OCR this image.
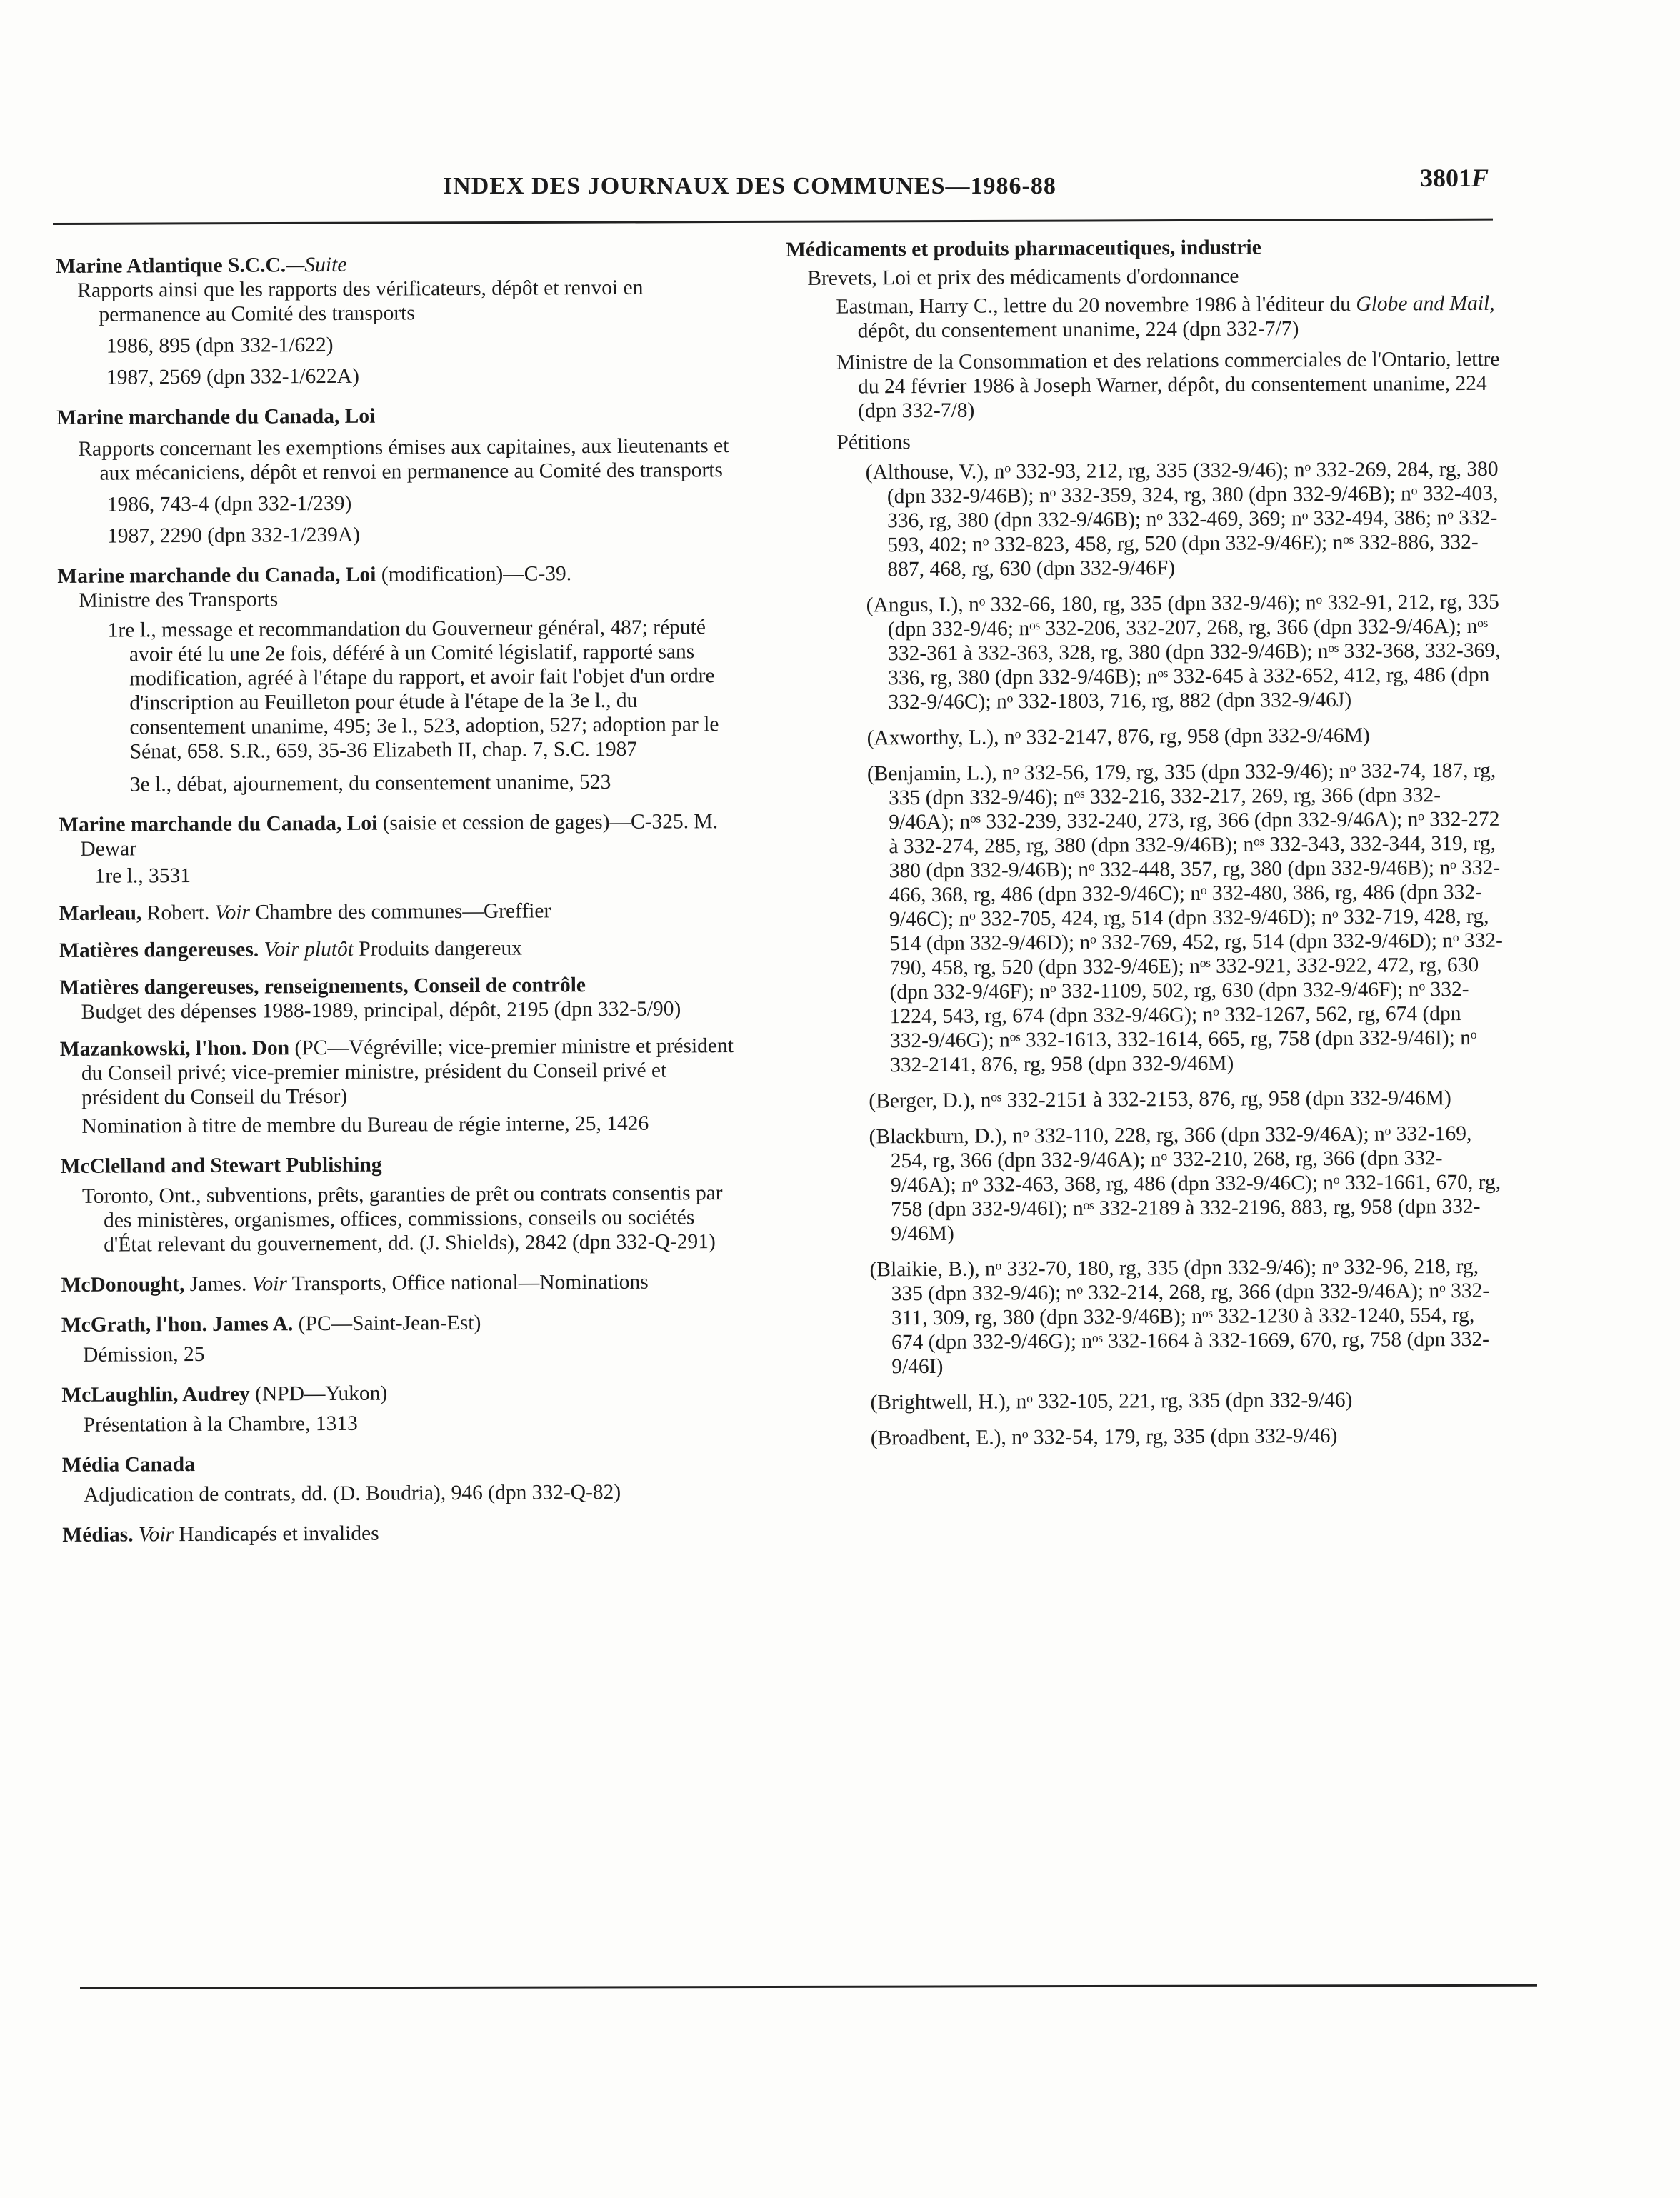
INDEX DES JOURNAUX DES COMMUNES—1986-88	3801F
Marine Atlantique S.C.C.—Suite
Rapports ainsi que les rapports des vérificateurs, dépôt et renvoi en permanence au Comité des transports
1986, 895 (dpn 332-1/622)
1987, 2569 (dpn 332-1/622A)
Marine marchande du Canada, Loi
Rapports concernant les exemptions émises aux capitaines, aux lieutenants et aux mécaniciens, dépôt et renvoi en permanence au Comité des transports
1986, 743-4 (dpn 332-1/239)
1987, 2290 (dpn 332-1/239A)
Marine marchande du Canada, Loi (modification)—C-39.
Ministre des Transports
1re l., message et recommandation du Gouverneur général, 487; réputé avoir été lu une 2e fois, déféré à un Comité législatif, rapporté sans modification, agréé à l'étape du rapport, et avoir fait l'objet d'un ordre d'inscription au Feuilleton pour étude à l'étape de la 3e l., du consentement unanime, 495; 3e l., 523, adoption, 527; adoption par le Sénat, 658. S.R., 659, 35-36 Elizabeth II, chap. 7, S.C. 1987
3e l., débat, ajournement, du consentement unanime, 523
Marine marchande du Canada, Loi (saisie et cession de gages)—C-325. M. Dewar
1re l., 3531
Marleau, Robert. Voir Chambre des communes—Greffier
Matières dangereuses. Voir plutôt Produits dangereux
Matières dangereuses, renseignements, Conseil de contrôle
Budget des dépenses 1988-1989, principal, dépôt, 2195 (dpn 332-5/90)
Mazankowski, l'hon. Don (PC—Végréville; vice-premier ministre et président du Conseil privé; vice-premier ministre, président du Conseil privé et président du Conseil du Trésor)
Nomination à titre de membre du Bureau de régie interne, 25, 1426
McClelland and Stewart Publishing
Toronto, Ont., subventions, prêts, garanties de prêt ou contrats consentis par des ministères, organismes, offices, commissions, conseils ou sociétés d'État relevant du gouvernement, dd. (J. Shields), 2842 (dpn 332-Q-291)
McDonought, James. Voir Transports, Office national—Nominations
McGrath, l'hon. James A. (PC—Saint-Jean-Est)
Démission, 25
McLaughlin, Audrey (NPD—Yukon)
Présentation à la Chambre, 1313
Média Canada
Adjudication de contrats, dd. (D. Boudria), 946 (dpn 332-Q-82)
Médias. Voir Handicapés et invalides
Médicaments et produits pharmaceutiques, industrie
Brevets, Loi et prix des médicaments d'ordonnance
Eastman, Harry C., lettre du 20 novembre 1986 à l'éditeur du Globe and Mail, dépôt, du consentement unanime, 224 (dpn 332-7/7)
Ministre de la Consommation et des relations commerciales de l'Ontario, lettre du 24 février 1986 à Joseph Warner, dépôt, du consentement unanime, 224 (dpn 332-7/8)
Pétitions
(Althouse, V.), nᵒ 332-93, 212, rg, 335 (332-9/46); nᵒ 332-269, 284, rg, 380 (dpn 332-9/46B); nᵒ 332-359, 324, rg, 380 (dpn 332-9/46B); nᵒ 332-403, 336, rg, 380 (dpn 332-9/46B); nᵒ 332-469, 369; nᵒ 332-494, 386; nᵒ 332-593, 402; nᵒ 332-823, 458, rg, 520 (dpn 332-9/46E); nᵒˢ 332-886, 332-887, 468, rg, 630 (dpn 332-9/46F)
(Angus, I.), nᵒ 332-66, 180, rg, 335 (dpn 332-9/46); nᵒ 332-91, 212, rg, 335 (dpn 332-9/46; nᵒˢ 332-206, 332-207, 268, rg, 366 (dpn 332-9/46A); nᵒˢ 332-361 à 332-363, 328, rg, 380 (dpn 332-9/46B); nᵒˢ 332-368, 332-369, 336, rg, 380 (dpn 332-9/46B); nᵒˢ 332-645 à 332-652, 412, rg, 486 (dpn 332-9/46C); nᵒ 332-1803, 716, rg, 882 (dpn 332-9/46J)
(Axworthy, L.), nᵒ 332-2147, 876, rg, 958 (dpn 332-9/46M)
(Benjamin, L.), nᵒ 332-56, 179, rg, 335 (dpn 332-9/46); nᵒ 332-74, 187, rg, 335 (dpn 332-9/46); nᵒˢ 332-216, 332-217, 269, rg, 366 (dpn 332-9/46A); nᵒˢ 332-239, 332-240, 273, rg, 366 (dpn 332-9/46A); nᵒ 332-272 à 332-274, 285, rg, 380 (dpn 332-9/46B); nᵒˢ 332-343, 332-344, 319, rg, 380 (dpn 332-9/46B); nᵒ 332-448, 357, rg, 380 (dpn 332-9/46B); nᵒ 332-466, 368, rg, 486 (dpn 332-9/46C); nᵒ 332-480, 386, rg, 486 (dpn 332-9/46C); nᵒ 332-705, 424, rg, 514 (dpn 332-9/46D); nᵒ 332-719, 428, rg, 514 (dpn 332-9/46D); nᵒ 332-769, 452, rg, 514 (dpn 332-9/46D); nᵒ 332-790, 458, rg, 520 (dpn 332-9/46E); nᵒˢ 332-921, 332-922, 472, rg, 630 (dpn 332-9/46F); nᵒ 332-1109, 502, rg, 630 (dpn 332-9/46F); nᵒ 332-1224, 543, rg, 674 (dpn 332-9/46G); nᵒ 332-1267, 562, rg, 674 (dpn 332-9/46G); nᵒˢ 332-1613, 332-1614, 665, rg, 758 (dpn 332-9/46I); nᵒ 332-2141, 876, rg, 958 (dpn 332-9/46M)
(Berger, D.), nᵒˢ 332-2151 à 332-2153, 876, rg, 958 (dpn 332-9/46M)
(Blackburn, D.), nᵒ 332-110, 228, rg, 366 (dpn 332-9/46A); nᵒ 332-169, 254, rg, 366 (dpn 332-9/46A); nᵒ 332-210, 268, rg, 366 (dpn 332-9/46A); nᵒ 332-463, 368, rg, 486 (dpn 332-9/46C); nᵒ 332-1661, 670, rg, 758 (dpn 332-9/46I); nᵒˢ 332-2189 à 332-2196, 883, rg, 958 (dpn 332-9/46M)
(Blaikie, B.), nᵒ 332-70, 180, rg, 335 (dpn 332-9/46); nᵒ 332-96, 218, rg, 335 (dpn 332-9/46); nᵒ 332-214, 268, rg, 366 (dpn 332-9/46A); nᵒ 332-311, 309, rg, 380 (dpn 332-9/46B); nᵒˢ 332-1230 à 332-1240, 554, rg, 674 (dpn 332-9/46G); nᵒˢ 332-1664 à 332-1669, 670, rg, 758 (dpn 332-9/46I)
(Brightwell, H.), nᵒ 332-105, 221, rg, 335 (dpn 332-9/46)
(Broadbent, E.), nᵒ 332-54, 179, rg, 335 (dpn 332-9/46)
